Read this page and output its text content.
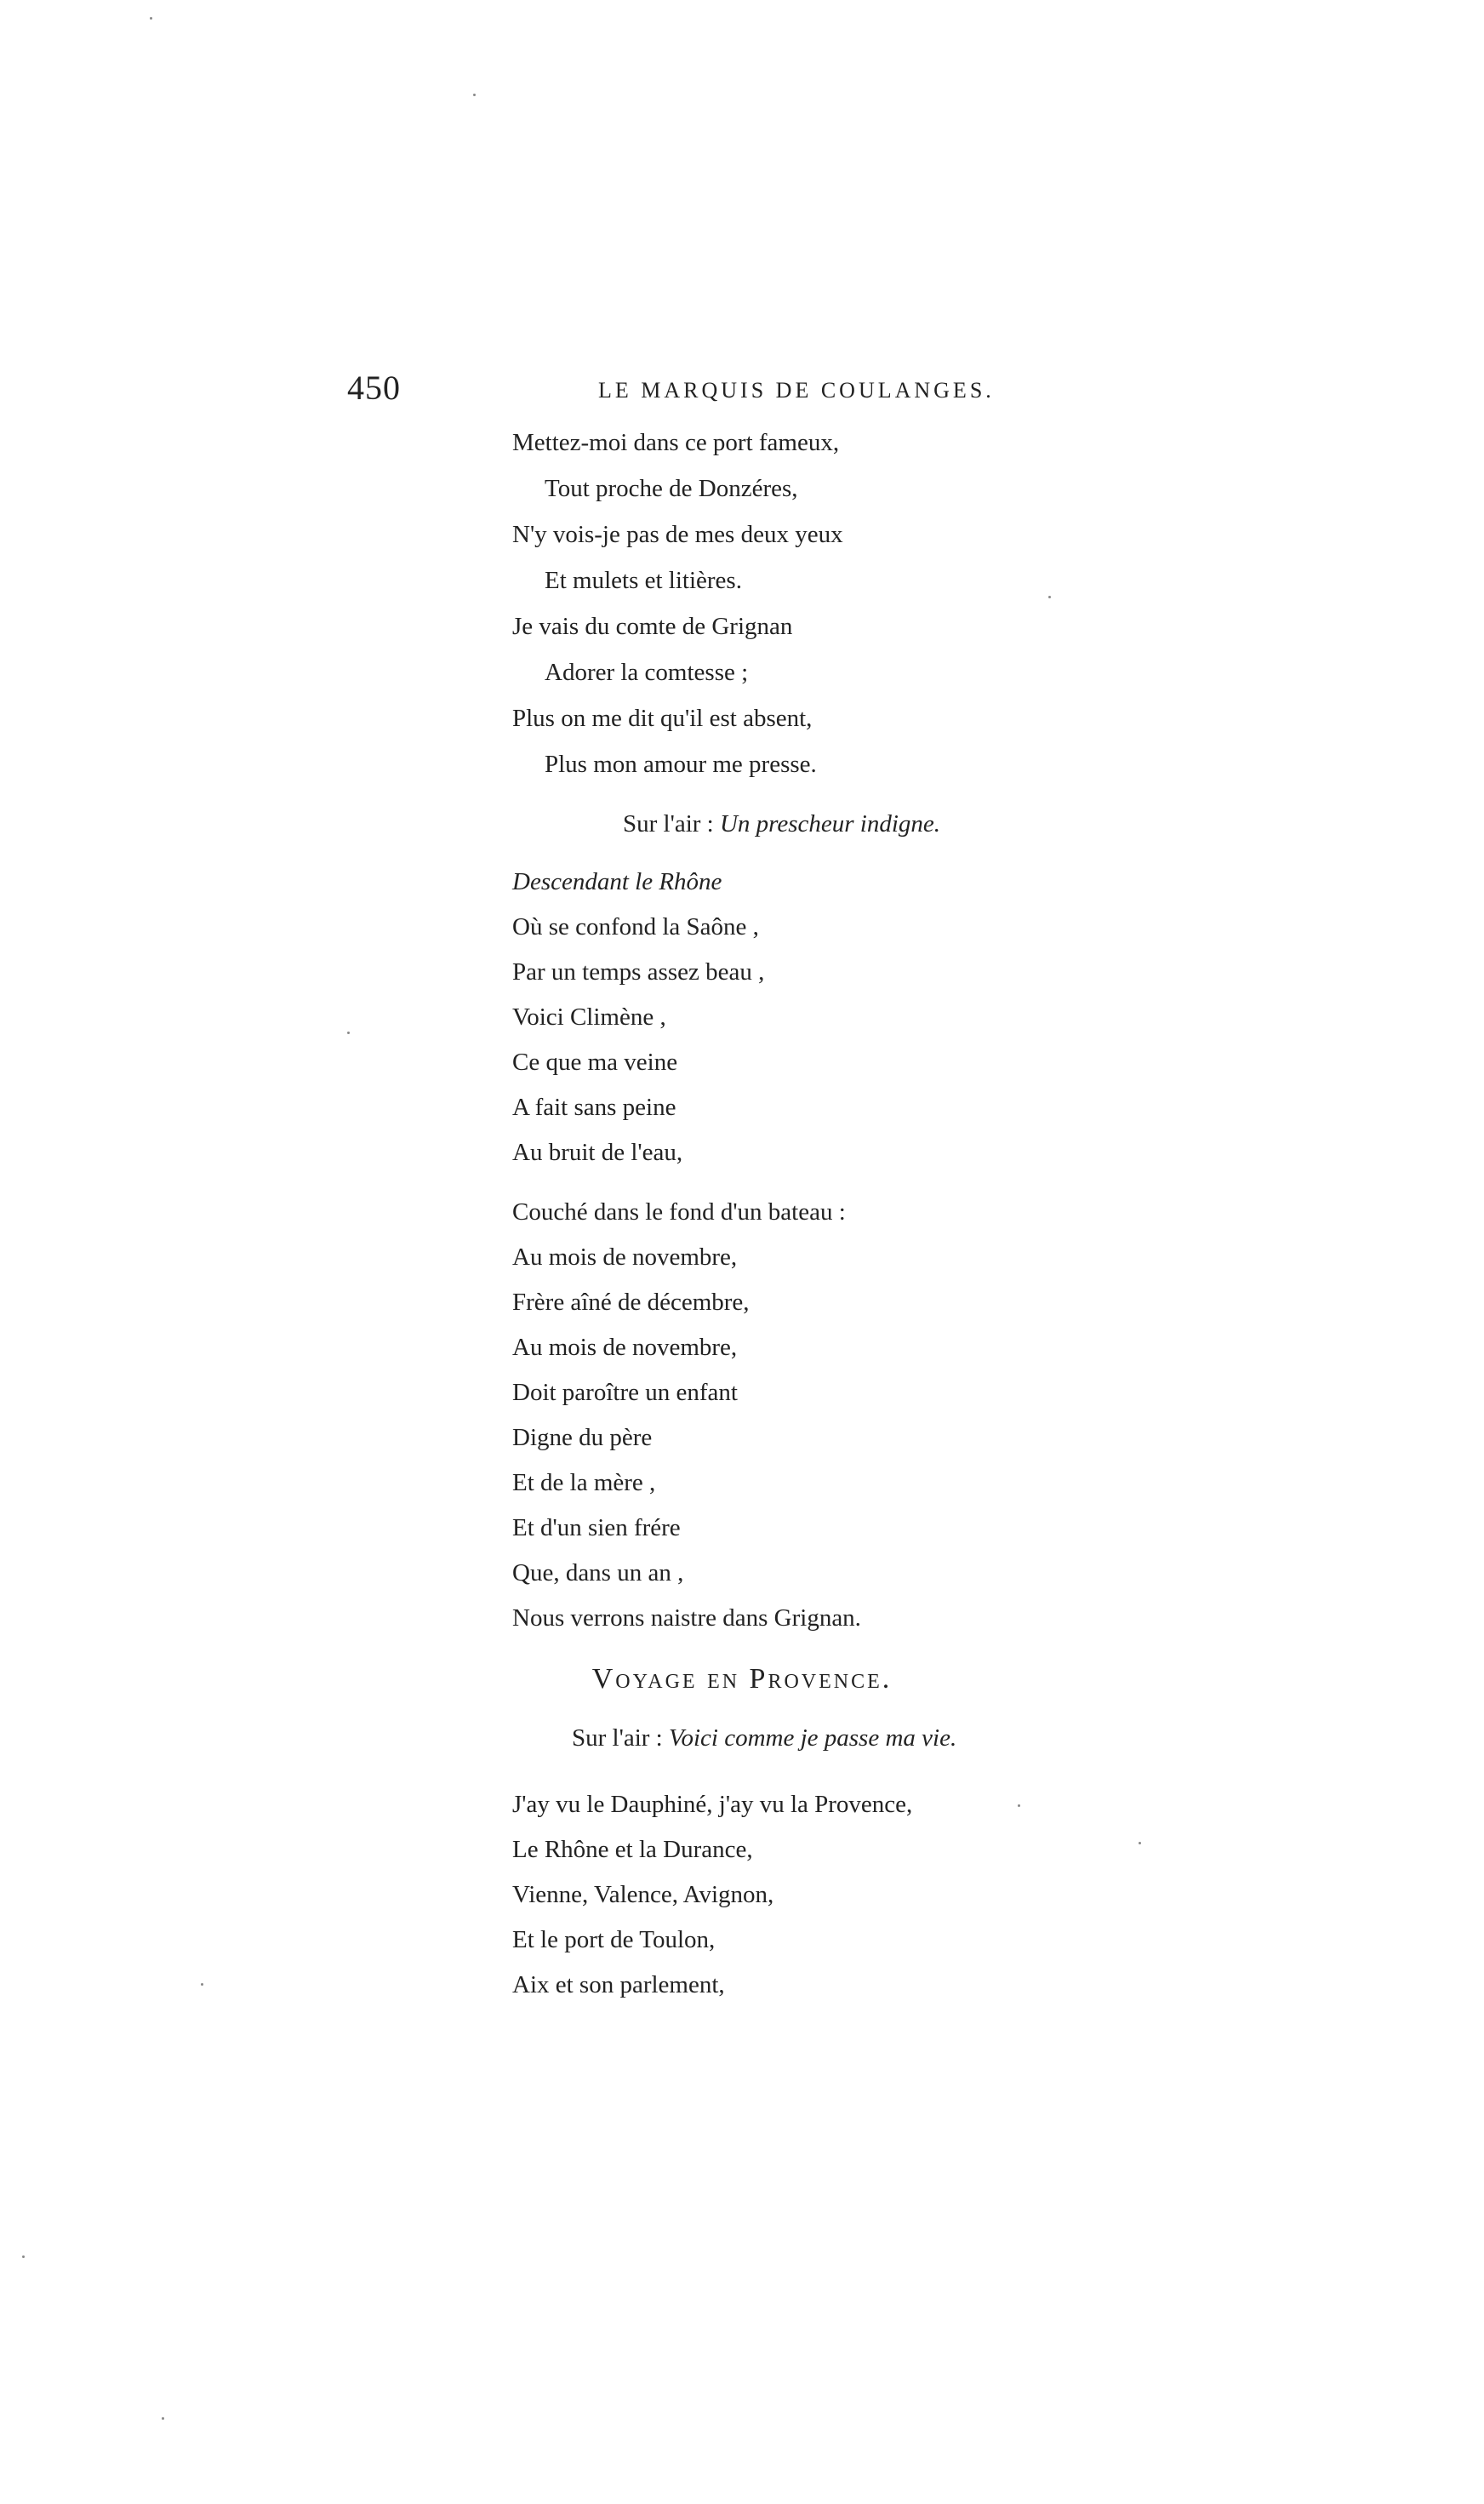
450	LE MARQUIS DE COULANGES.
Mettez-moi dans ce port fameux,
Tout proche de Donzéres,
N'y vois-je pas de mes deux yeux
Et mulets et litières.
Je vais du comte de Grignan
Adorer la comtesse ;
Plus on me dit qu'il est absent,
Plus mon amour me presse.
Sur l'air : Un prescheur indigne.
Descendant le Rhône
Où se confond la Saône ,
Par un temps assez beau ,
Voici Climène ,
Ce que ma veine
A fait sans peine
Au bruit de l'eau,
Couché dans le fond d'un bateau :
Au mois de novembre,
Frère aîné de décembre,
Au mois de novembre,
Doit paroître un enfant
Digne du père
Et de la mère ,
Et d'un sien frére
Que, dans un an ,
Nous verrons naistre dans Grignan.
Voyage en Provence.
Sur l'air : Voici comme je passe ma vie.
J'ay vu le Dauphiné, j'ay vu la Provence,
Le Rhône et la Durance,
Vienne, Valence, Avignon,
Et le port de Toulon,
Aix et son parlement,
